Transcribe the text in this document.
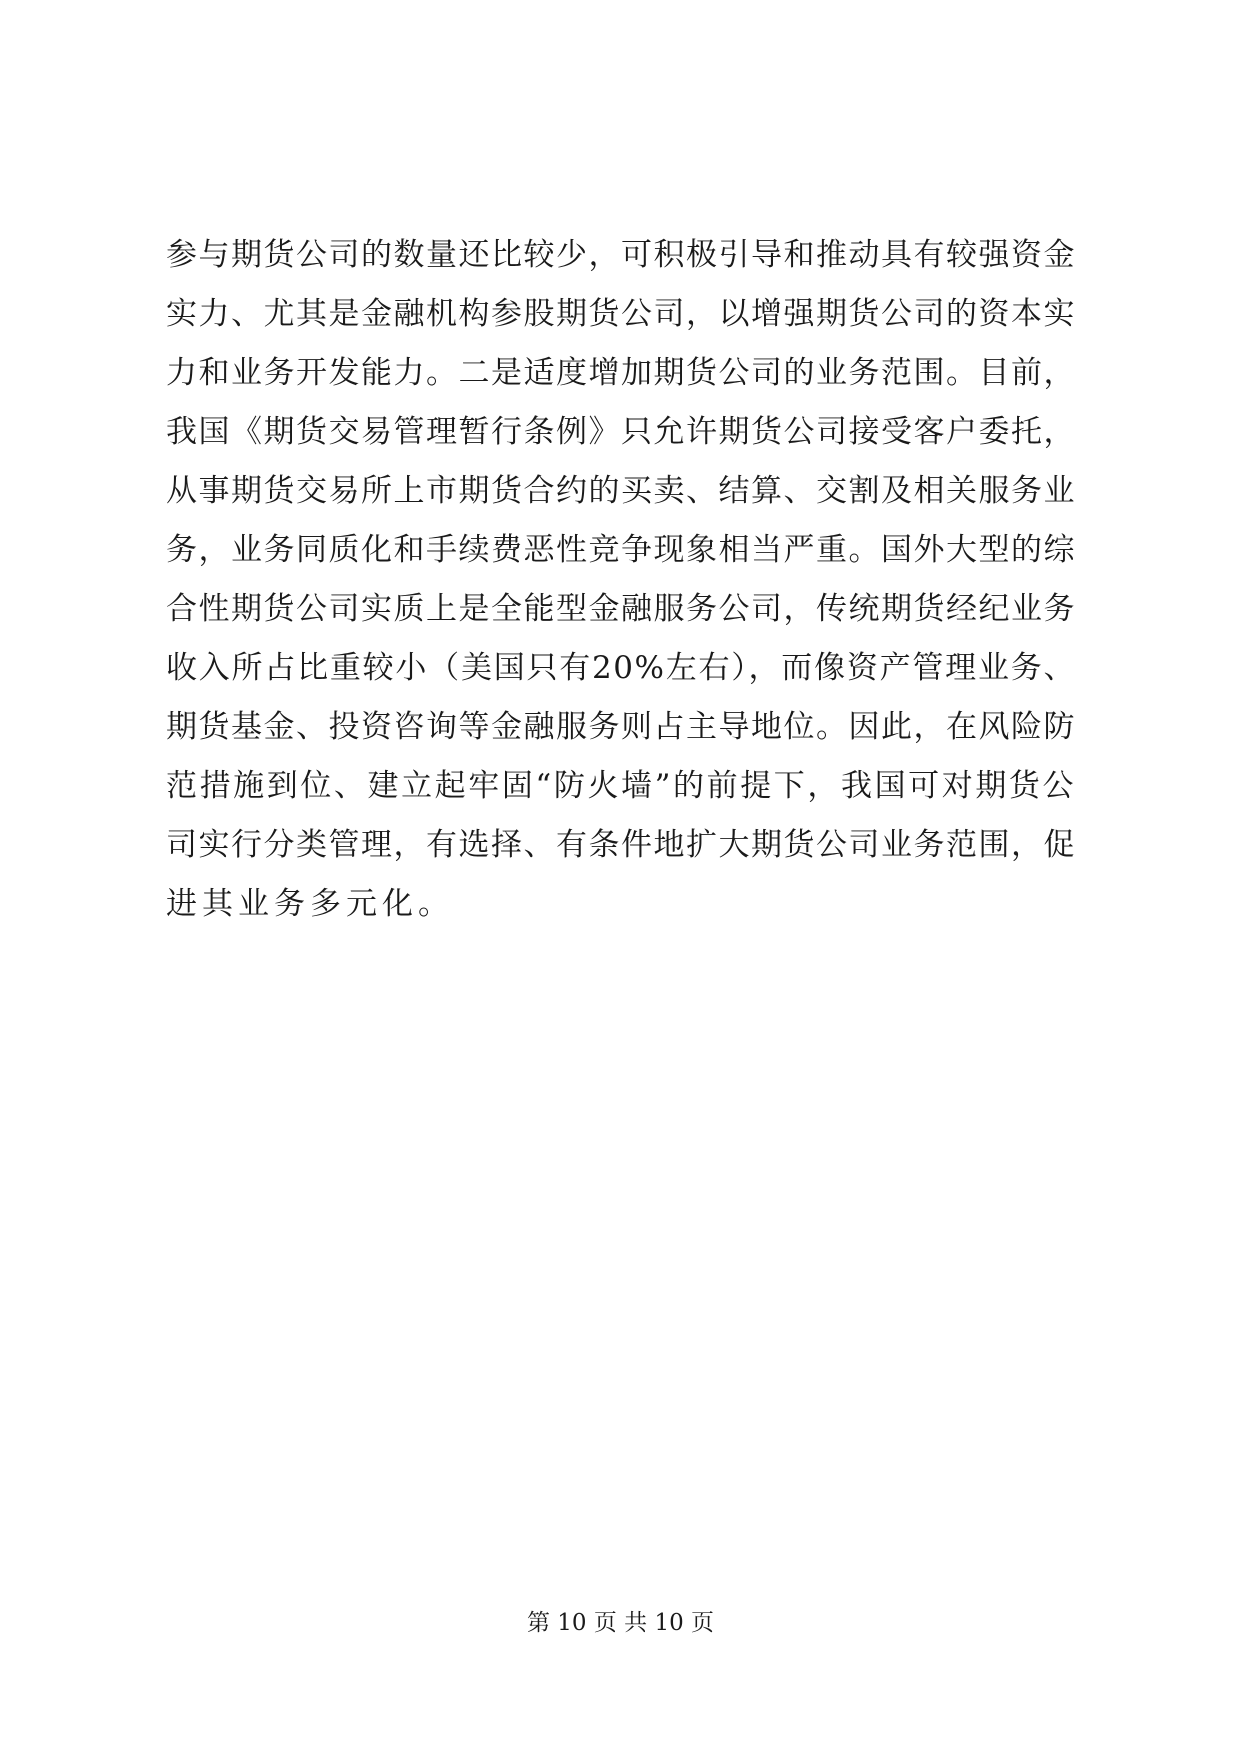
参与期货公司的数量还比较少，可积极引导和推动具有较强资金
实力、尤其是金融机构参股期货公司，以增强期货公司的资本实
力和业务开发能力。二是适度增加期货公司的业务范围。目前，
我国《期货交易管理暂行条例》只允许期货公司接受客户委托，
从事期货交易所上市期货合约的买卖、结算、交割及相关服务业
务，业务同质化和手续费恶性竞争现象相当严重。国外大型的综
合性期货公司实质上是全能型金融服务公司，传统期货经纪业务
收入所占比重较小（美国只有20%左右），而像资产管理业务、
期货基金、投资咨询等金融服务则占主导地位。因此，在风险防
范措施到位、建立起牢固“防火墙”的前提下，我国可对期货公
司实行分类管理，有选择、有条件地扩大期货公司业务范围，促
进其业务多元化。
第 10 页 共 10 页
